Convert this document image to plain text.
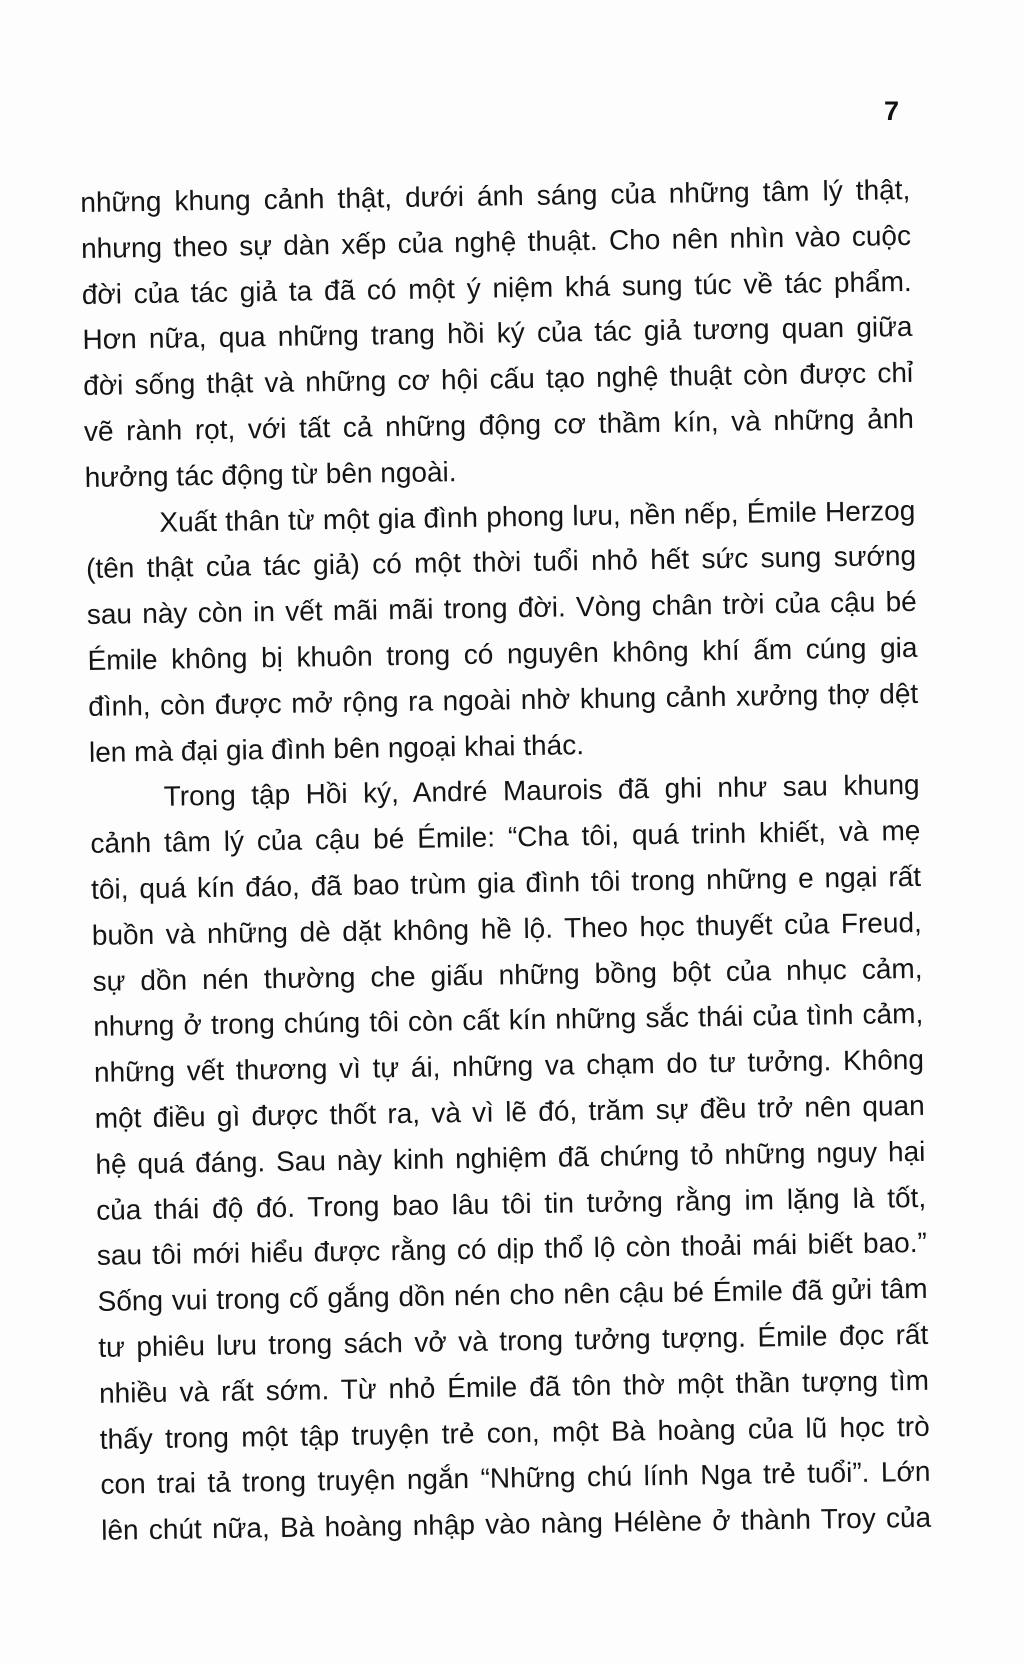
7
những khung cảnh thật, dưới ánh sáng của những tâm lý thật,
nhưng theo sự dàn xếp của nghệ thuật. Cho nên nhìn vào cuộc
đời của tác giả ta đã có một ý niệm khá sung túc về tác phẩm.
Hơn nữa, qua những trang hồi ký của tác giả tương quan giữa
đời sống thật và những cơ hội cấu tạo nghệ thuật còn được chỉ
vẽ rành rọt, với tất cả những động cơ thầm kín, và những ảnh
hưởng tác động từ bên ngoài.
Xuất thân từ một gia đình phong lưu, nền nếp, Émile Herzog
(tên thật của tác giả) có một thời tuổi nhỏ hết sức sung sướng
sau này còn in vết mãi mãi trong đời. Vòng chân trời của cậu bé
Émile không bị khuôn trong có nguyên không khí ấm cúng gia
đình, còn được mở rộng ra ngoài nhờ khung cảnh xưởng thợ dệt
len mà đại gia đình bên ngoại khai thác.
Trong tập Hồi ký, André Maurois đã ghi như sau khung
cảnh tâm lý của cậu bé Émile: “Cha tôi, quá trinh khiết, và mẹ
tôi, quá kín đáo, đã bao trùm gia đình tôi trong những e ngại rất
buồn và những dè dặt không hề lộ. Theo học thuyết của Freud,
sự dồn nén thường che giấu những bồng bột của nhục cảm,
nhưng ở trong chúng tôi còn cất kín những sắc thái của tình cảm,
những vết thương vì tự ái, những va chạm do tư tưởng. Không
một điều gì được thốt ra, và vì lẽ đó, trăm sự đều trở nên quan
hệ quá đáng. Sau này kinh nghiệm đã chứng tỏ những nguy hại
của thái độ đó. Trong bao lâu tôi tin tưởng rằng im lặng là tốt,
sau tôi mới hiểu được rằng có dịp thổ lộ còn thoải mái biết bao.”
Sống vui trong cố gắng dồn nén cho nên cậu bé Émile đã gửi tâm
tư phiêu lưu trong sách vở và trong tưởng tượng. Émile đọc rất
nhiều và rất sớm. Từ nhỏ Émile đã tôn thờ một thần tượng tìm
thấy trong một tập truyện trẻ con, một Bà hoàng của lũ học trò
con trai tả trong truyện ngắn “Những chú lính Nga trẻ tuổi”. Lớn
lên chút nữa, Bà hoàng nhập vào nàng Hélène ở thành Troy của
